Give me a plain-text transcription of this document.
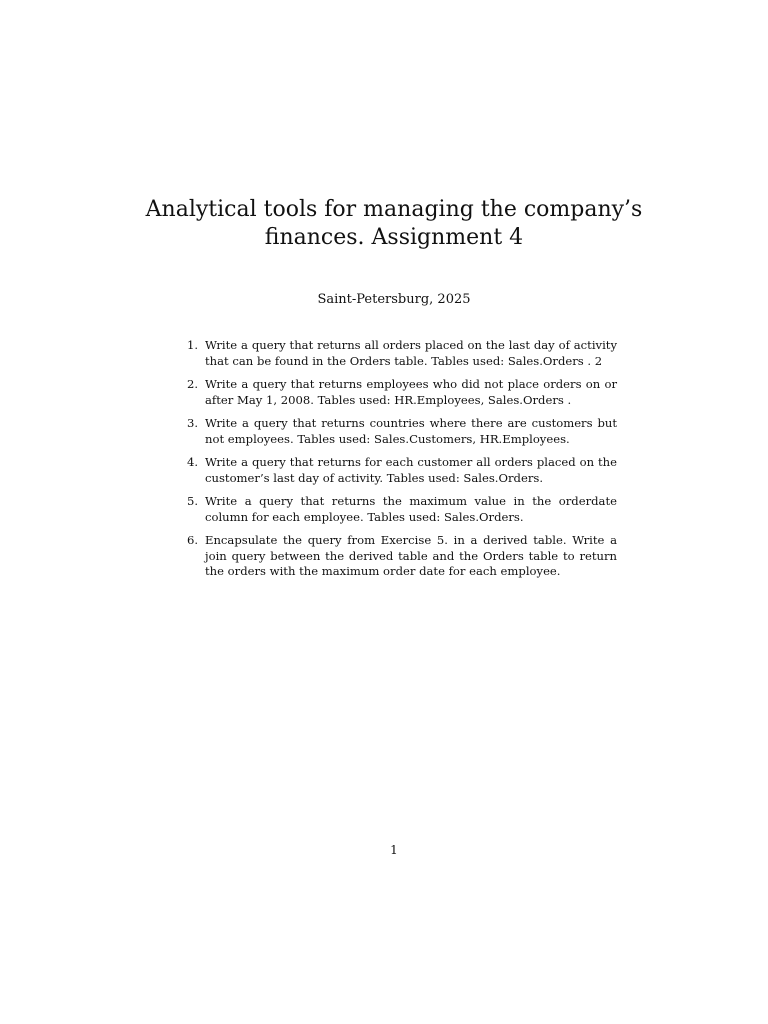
Analytical tools for managing the company’s
finances. Assignment 4

Saint-Petersburg, 2025

1. Write a query that returns all orders placed on the last day of activity that can be found in the Orders table. Tables used: Sales.Orders . 2
2. Write a query that returns employees who did not place orders on or after May 1, 2008. Tables used: HR.Employees, Sales.Orders .
3. Write a query that returns countries where there are customers but not employees. Tables used: Sales.Customers, HR.Employees.
4. Write a query that returns for each customer all orders placed on the customer’s last day of activity. Tables used: Sales.Orders.
5. Write a query that returns the maximum value in the orderdate column for each employee. Tables used: Sales.Orders.
6. Encapsulate the query from Exercise 5. in a derived table. Write a join query between the derived table and the Orders table to return the orders with the maximum order date for each employee.
1
